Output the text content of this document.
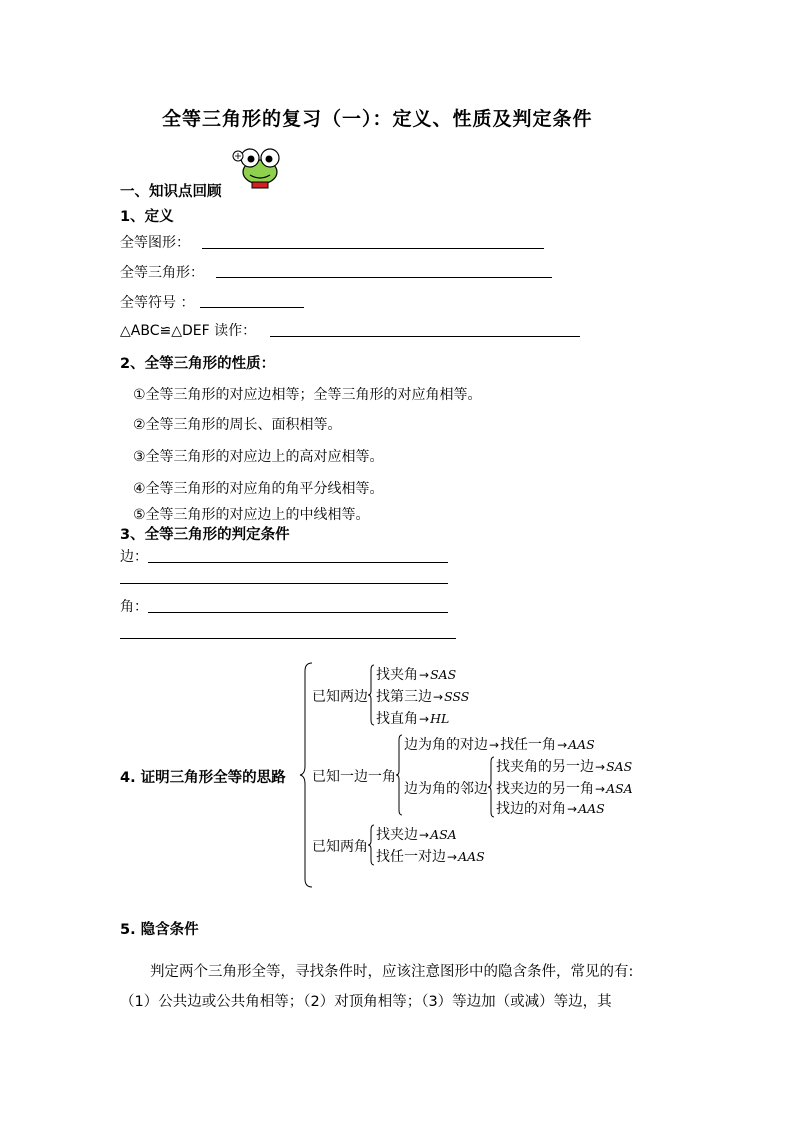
全等三角形的复习（一）：定义、性质及判定条件
一、知识点回顾
1、定义
全等图形：
全等三角形：
全等符号 ：
△ABC≌△DEF 读作：
2、全等三角形的性质：
①全等三角形的对应边相等；全等三角形的对应角相等。
②全等三角形的周长、面积相等。
③全等三角形的对应边上的高对应相等。
④全等三角形的对应角的角平分线相等。
⑤全等三角形的对应边上的中线相等。
3、全等三角形的判定条件
边：
角：
4. 证明三角形全等的思路
已知两边
找夹角→SAS
找第三边→SSS
找直角→HL
已知一边一角
边为角的对边→找任一角→AAS
边为角的邻边
找夹角的另一边→SAS
找夹边的另一角→ASA
找边的对角→AAS
已知两角
找夹边→ASA
找任一对边→AAS
5. 隐含条件
判定两个三角形全等，寻找条件时，应该注意图形中的隐含条件，常见的有:
（1）公共边或公共角相等；（2）对顶角相等；（3）等边加（或减）等边，其
